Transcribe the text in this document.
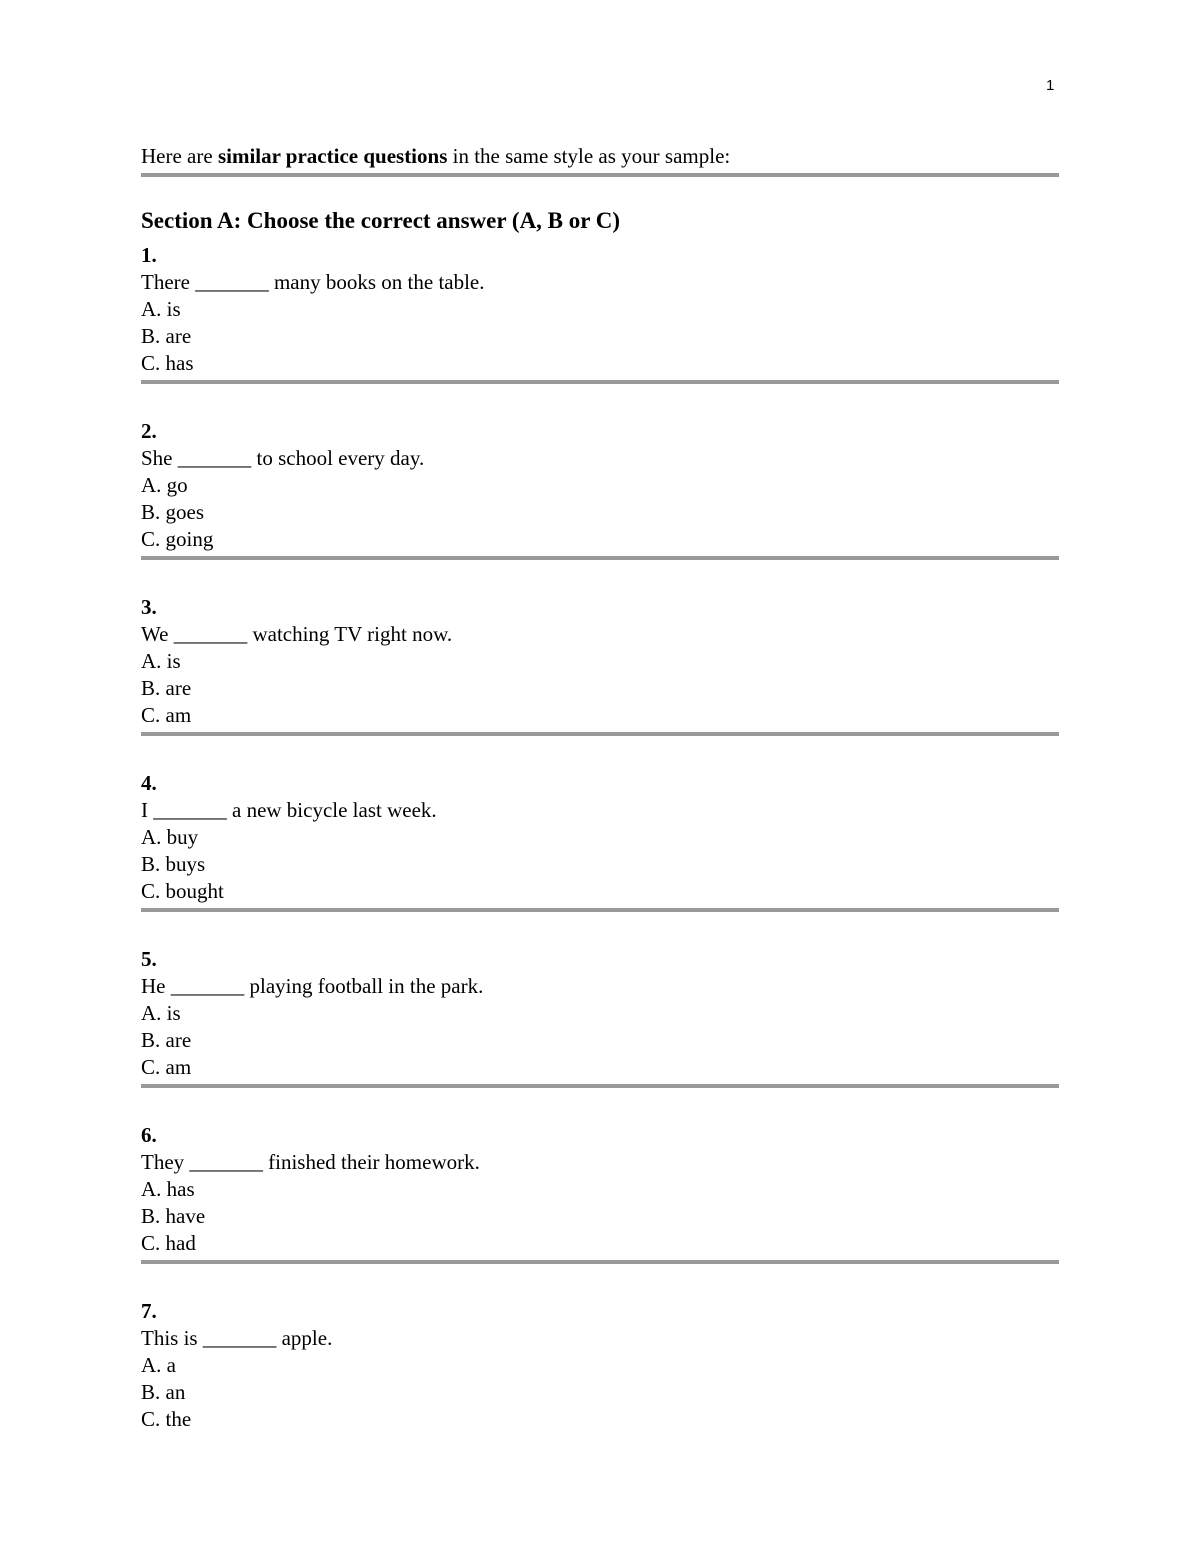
1

Here are similar practice questions in the same style as your sample:

Section A: Choose the correct answer (A, B or C)
1.
There _______ many books on the table.
A. is
B. are
C. has
2.
She _______ to school every day.
A. go
B. goes
C. going
3.
We _______ watching TV right now.
A. is
B. are
C. am
4.
I _______ a new bicycle last week.
A. buy
B. buys
C. bought
5.
He _______ playing football in the park.
A. is
B. are
C. am
6.
They _______ finished their homework.
A. has
B. have
C. had
7.
This is _______ apple.
A. a
B. an
C. the
